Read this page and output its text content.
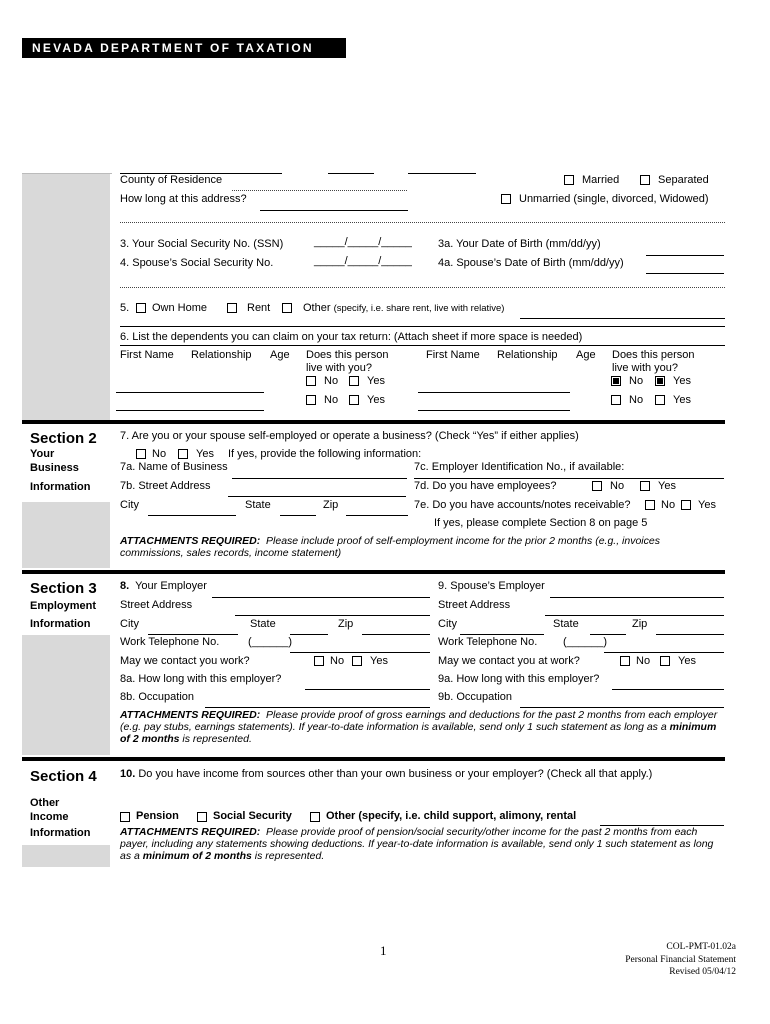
NEVADA DEPARTMENT OF TAXATION
County of Residence
How long at this address?
Married	Separated
Unmarried (single, divorced, Widowed)
3. Your Social Security No. (SSN)	_____/_____/_____
4. Spouse’s Social Security No.	_____/_____/_____
3a. Your Date of Birth (mm/dd/yy)
4a. Spouse’s Date of Birth (mm/dd/yy)
5. Own Home	Rent	Other (specify, i.e. share rent, live with relative)
6. List the dependents you can claim on your tax return: (Attach sheet if more space is needed)
First Name Relationship Age Does this person
live with you?
First Name Relationship Age Does this person
live with you?
No	Yes	No	Yes
No	Yes	No	Yes
Section 2
Your
Business
Information
7. Are you or your spouse self-employed or operate a business? (Check “Yes” if either applies)
No	Yes If yes, provide the following information:
7a. Name of Business
7b. Street Address
City	State	Zip
7c. Employer Identification No., if available:
7d. Do you have employees?	No	Yes
7e. Do you have accounts/notes receivable?	No Yes
If yes, please complete Section 8 on page 5
ATTACHMENTS REQUIRED: Please include proof of self-employment income for the prior 2 months (e.g., invoices commissions, sales records, income statement)
Section 3
Employment
Information
8. Your Employer
Street Address
City	State	Zip
Work Telephone No.	(______)
May we contact you work?	No Yes
8a. How long with this employer?
8b. Occupation
9. Spouse’s Employer
Street Address
City	State	Zip
Work Telephone No. (______)
May we contact you at work?	No	Yes
9a. How long with this employer?
9b. Occupation
ATTACHMENTS REQUIRED: Please provide proof of gross earnings and deductions for the past 2 months from each employer (e.g. pay stubs, earnings statements). If year-to-date information is available, send only 1 such statement as long as a minimum of 2 months is represented.
Section 4
Other
Income
Information
10. Do you have income from sources other than your own business or your employer? (Check all that apply.)
Pension	Social Security	Other (specify, i.e. child support, alimony, rental
ATTACHMENTS REQUIRED: Please provide proof of pension/social security/other income for the past 2 months from each payer, including any statements showing deductions. If year-to-date information is available, send only 1 such statement as long as a minimum of 2 months is represented.
1	COL-PMT-01.02a
Personal Financial Statement
Revised 05/04/12
